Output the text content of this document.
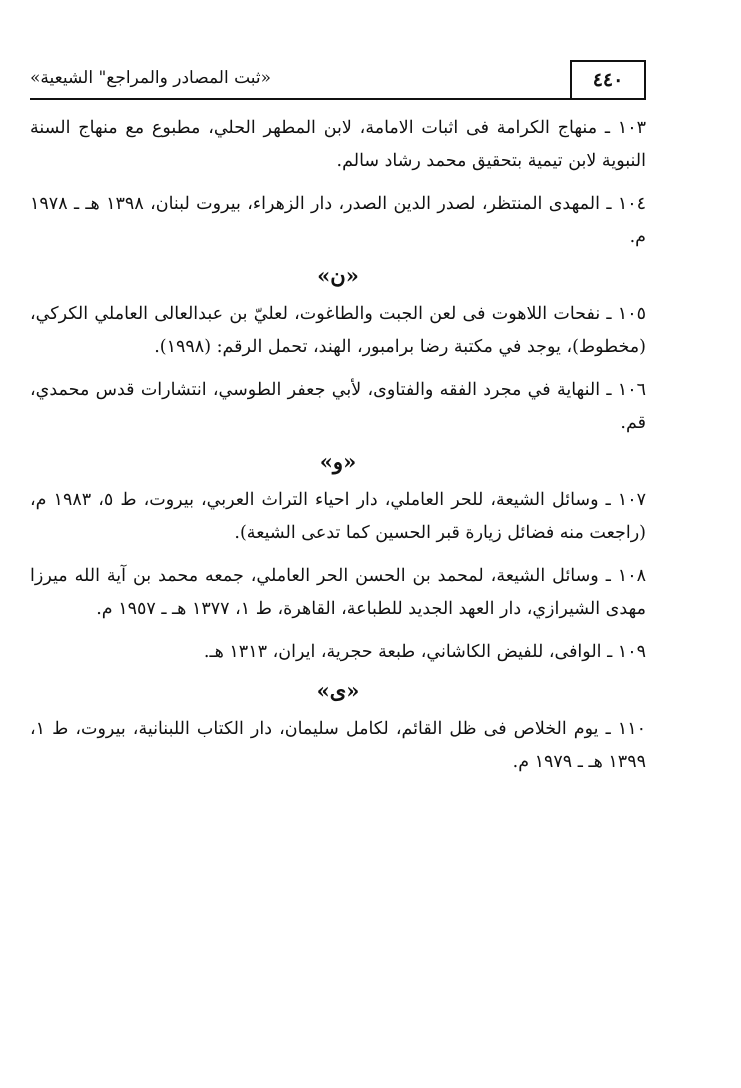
«ثبت المصادر والمراجع" الشيعية»	٤٤٠
١٠٣ ـ منهاج الكرامة فى اثبات الامامة، لابن المطهر الحلي، مطبوع مع منهاج السنة النبوية لابن تيمية بتحقيق محمد رشاد سالم.
١٠٤ ـ المهدى المنتظر، لصدر الدين الصدر، دار الزهراء، بيروت لبنان، ١٣٩٨ هـ ـ ١٩٧٨ م.
«ن»
١٠٥ ـ نفحات اللاهوت فى لعن الجبت والطاغوت، لعليّ بن عبدالعالى العاملي الكركي، (مخطوط)، يوجد في مكتبة رضا برامبور، الهند، تحمل الرقم: (١٩٩٨).
١٠٦ ـ النهاية في مجرد الفقه والفتاوى، لأبي جعفر الطوسي، انتشارات قدس محمدي، قم.
«و»
١٠٧ ـ وسائل الشيعة، للحر العاملي، دار احياء التراث العربي، بيروت، ط ٥، ١٩٨٣ م، (راجعت منه فضائل زيارة قبر الحسين كما تدعى الشيعة).
١٠٨ ـ وسائل الشيعة، لمحمد بن الحسن الحر العاملي، جمعه محمد بن آية الله ميرزا مهدى الشيرازي، دار العهد الجديد للطباعة، القاهرة، ط ١، ١٣٧٧ هـ ـ ١٩٥٧ م.
١٠٩ ـ الوافى، للفيض الكاشاني، طبعة حجرية، ايران، ١٣١٣ هـ.
«ى»
١١٠ ـ يوم الخلاص فى ظل القائم، لكامل سليمان، دار الكتاب اللبنانية، بيروت، ط ١، ١٣٩٩ هـ ـ ١٩٧٩ م.
